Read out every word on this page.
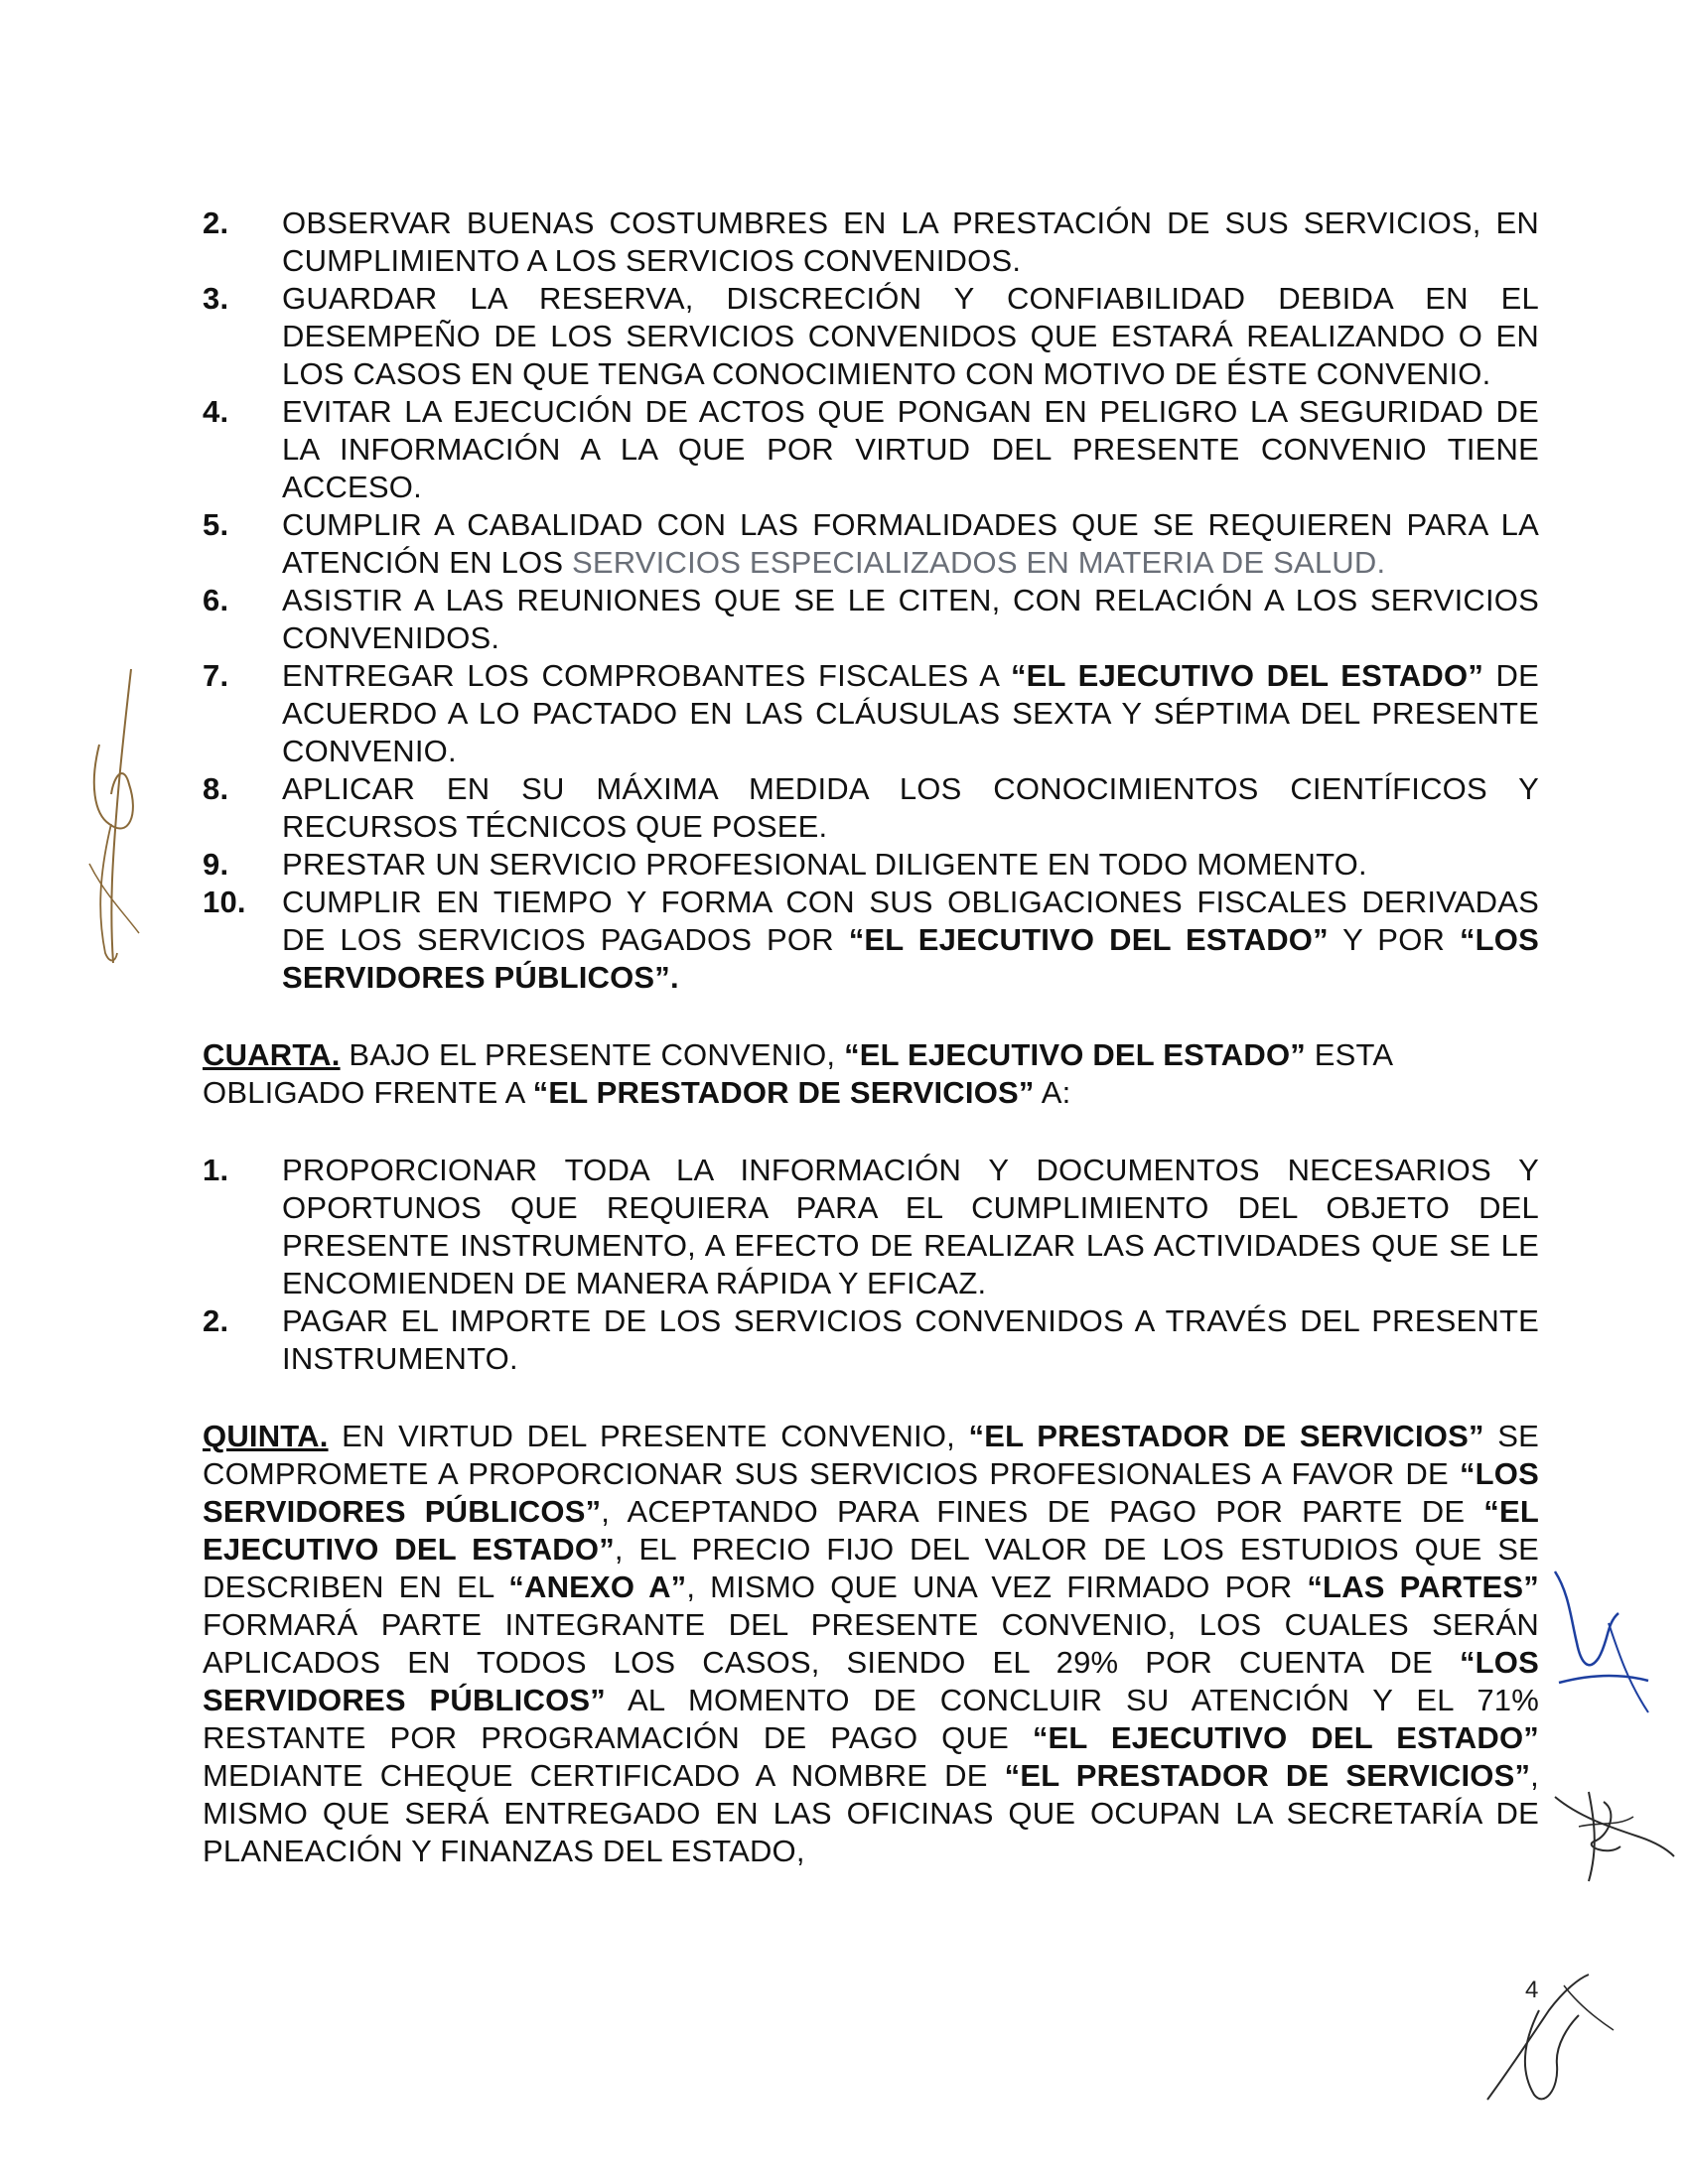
2.	OBSERVAR BUENAS COSTUMBRES EN LA PRESTACIÓN DE SUS SERVICIOS, EN CUMPLIMIENTO A LOS SERVICIOS CONVENIDOS.
3.	GUARDAR LA RESERVA, DISCRECIÓN Y CONFIABILIDAD DEBIDA EN EL DESEMPEÑO DE LOS SERVICIOS CONVENIDOS QUE ESTARÁ REALIZANDO O EN LOS CASOS EN QUE TENGA CONOCIMIENTO CON MOTIVO DE ÉSTE CONVENIO.
4.	EVITAR LA EJECUCIÓN DE ACTOS QUE PONGAN EN PELIGRO LA SEGURIDAD DE LA INFORMACIÓN A LA QUE POR VIRTUD DEL PRESENTE CONVENIO TIENE ACCESO.
5.	CUMPLIR A CABALIDAD CON LAS FORMALIDADES QUE SE REQUIEREN PARA LA ATENCIÓN EN LOS SERVICIOS ESPECIALIZADOS EN MATERIA DE SALUD.
6.	ASISTIR A LAS REUNIONES QUE SE LE CITEN, CON RELACIÓN A LOS SERVICIOS CONVENIDOS.
7.	ENTREGAR LOS COMPROBANTES FISCALES A “EL EJECUTIVO DEL ESTADO” DE ACUERDO A LO PACTADO EN LAS CLÁUSULAS SEXTA Y SÉPTIMA DEL PRESENTE CONVENIO.
8.	APLICAR EN SU MÁXIMA MEDIDA LOS CONOCIMIENTOS CIENTÍFICOS Y RECURSOS TÉCNICOS QUE POSEE.
9.	PRESTAR UN SERVICIO PROFESIONAL DILIGENTE EN TODO MOMENTO.
10.	CUMPLIR EN TIEMPO Y FORMA CON SUS OBLIGACIONES FISCALES DERIVADAS DE LOS SERVICIOS PAGADOS POR “EL EJECUTIVO DEL ESTADO” Y POR “LOS SERVIDORES PÚBLICOS”.

CUARTA. BAJO EL PRESENTE CONVENIO, “EL EJECUTIVO DEL ESTADO” ESTA OBLIGADO FRENTE A “EL PRESTADOR DE SERVICIOS” A:

1.	PROPORCIONAR TODA LA INFORMACIÓN Y DOCUMENTOS NECESARIOS Y OPORTUNOS QUE REQUIERA PARA EL CUMPLIMIENTO DEL OBJETO DEL PRESENTE INSTRUMENTO, A EFECTO DE REALIZAR LAS ACTIVIDADES QUE SE LE ENCOMIENDEN DE MANERA RÁPIDA Y EFICAZ.
2.	PAGAR EL IMPORTE DE LOS SERVICIOS CONVENIDOS A TRAVÉS DEL PRESENTE INSTRUMENTO.

QUINTA. EN VIRTUD DEL PRESENTE CONVENIO, “EL PRESTADOR DE SERVICIOS” SE COMPROMETE A PROPORCIONAR SUS SERVICIOS PROFESIONALES A FAVOR DE “LOS SERVIDORES PÚBLICOS”, ACEPTANDO PARA FINES DE PAGO POR PARTE DE “EL EJECUTIVO DEL ESTADO”, EL PRECIO FIJO DEL VALOR DE LOS ESTUDIOS QUE SE DESCRIBEN EN EL “ANEXO A”, MISMO QUE UNA VEZ FIRMADO POR “LAS PARTES” FORMARÁ PARTE INTEGRANTE DEL PRESENTE CONVENIO, LOS CUALES SERÁN APLICADOS EN TODOS LOS CASOS, SIENDO EL 29% POR CUENTA DE “LOS SERVIDORES PÚBLICOS” AL MOMENTO DE CONCLUIR SU ATENCIÓN Y EL 71% RESTANTE POR PROGRAMACIÓN DE PAGO QUE “EL EJECUTIVO DEL ESTADO” MEDIANTE CHEQUE CERTIFICADO A NOMBRE DE “EL PRESTADOR DE SERVICIOS”, MISMO QUE SERÁ ENTREGADO EN LAS OFICINAS QUE OCUPAN LA SECRETARÍA DE PLANEACIÓN Y FINANZAS DEL ESTADO,

4
